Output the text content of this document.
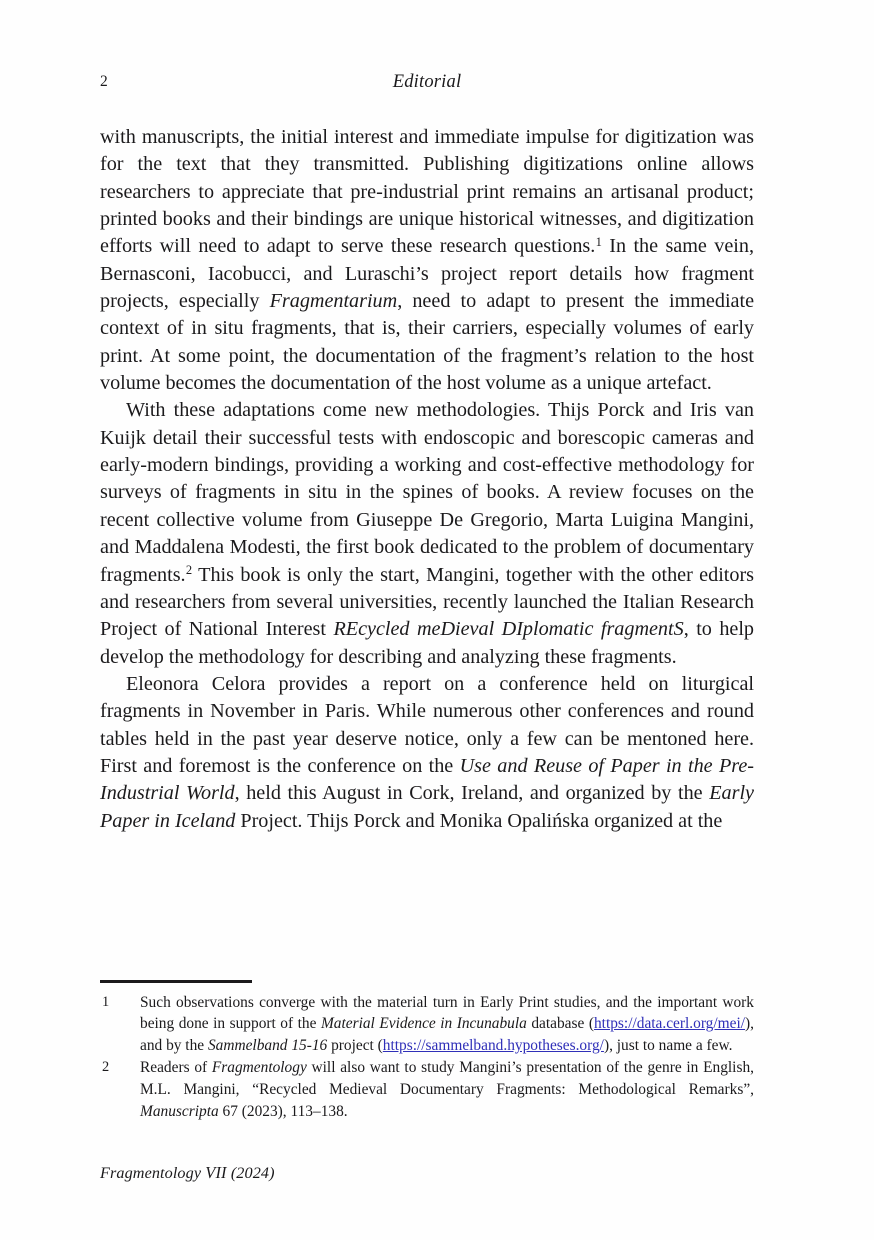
2	Editorial

with manuscripts, the initial interest and immediate impulse for digitization was for the text that they transmitted. Publishing digitizations online allows researchers to appreciate that pre-industrial print remains an artisanal product; printed books and their bindings are unique historical witnesses, and digitization efforts will need to adapt to serve these research questions.$^1$ In the same vein, Bernasconi, Iacobucci, and Luraschi’s project report details how fragment projects, especially Fragmentarium, need to adapt to present the immediate context of in situ fragments, that is, their carriers, especially volumes of early print. At some point, the documentation of the fragment’s relation to the host volume becomes the documentation of the host volume as a unique artefact.

With these adaptations come new methodologies. Thijs Porck and Iris van Kuijk detail their successful tests with endoscopic and borescopic cameras and early-modern bindings, providing a working and cost-effective methodology for surveys of fragments in situ in the spines of books. A review focuses on the recent collective volume from Giuseppe De Gregorio, Marta Luigina Mangini, and Maddalena Modesti, the first book dedicated to the problem of documentary fragments.$^2$ This book is only the start, Mangini, together with the other editors and researchers from several universities, recently launched the Italian Research Project of National Interest REcycled meDieval DIplomatic fragmentS, to help develop the methodology for describing and analyzing these fragments.

Eleonora Celora provides a report on a conference held on liturgical fragments in November in Paris. While numerous other conferences and round tables held in the past year deserve notice, only a few can be mentoned here. First and foremost is the conference on the Use and Reuse of Paper in the Pre-Industrial World, held this August in Cork, Ireland, and organized by the Early Paper in Iceland Project. Thijs Porck and Monika Opalińska organized at the

1	Such observations converge with the material turn in Early Print studies, and the important work being done in support of the Material Evidence in Incunabula database (https://data.cerl.org/mei/), and by the Sammelband 15-16 project (https://sammelband.hypotheses.org/), just to name a few.
2	Readers of Fragmentology will also want to study Mangini’s presentation of the genre in English, M.L. Mangini, “Recycled Medieval Documentary Fragments: Methodological Remarks”, Manuscripta 67 (2023), 113–138.
Fragmentology VII (2024)
